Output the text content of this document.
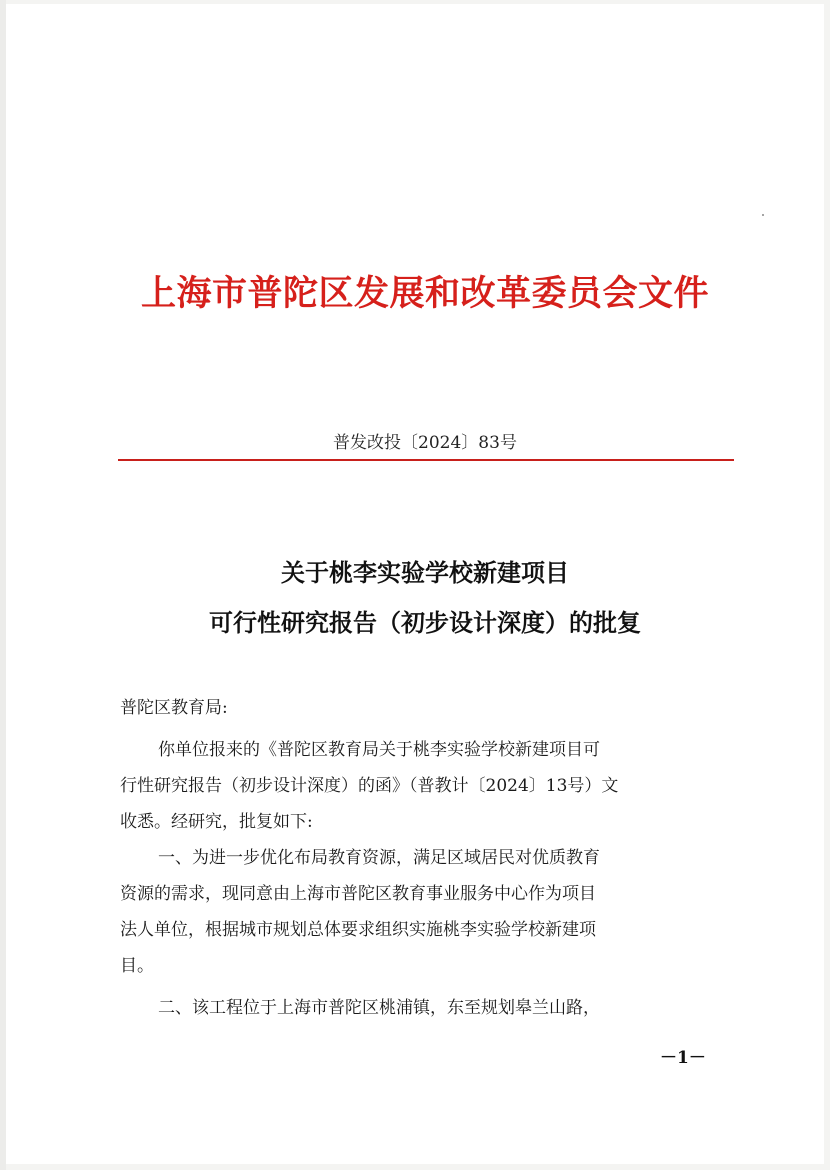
上海市普陀区发展和改革委员会文件
普发改投〔2024〕83号
关于桃李实验学校新建项目
可行性研究报告（初步设计深度）的批复
普陀区教育局:
你单位报来的《普陀区教育局关于桃李实验学校新建项目可
行性研究报告（初步设计深度）的函》（普教计〔2024〕13号）文
收悉。经研究，批复如下:
一、为进一步优化布局教育资源，满足区域居民对优质教育
资源的需求，现同意由上海市普陀区教育事业服务中心作为项目
法人单位，根据城市规划总体要求组织实施桃李实验学校新建项
目。
二、该工程位于上海市普陀区桃浦镇，东至规划皋兰山路，
－1－
